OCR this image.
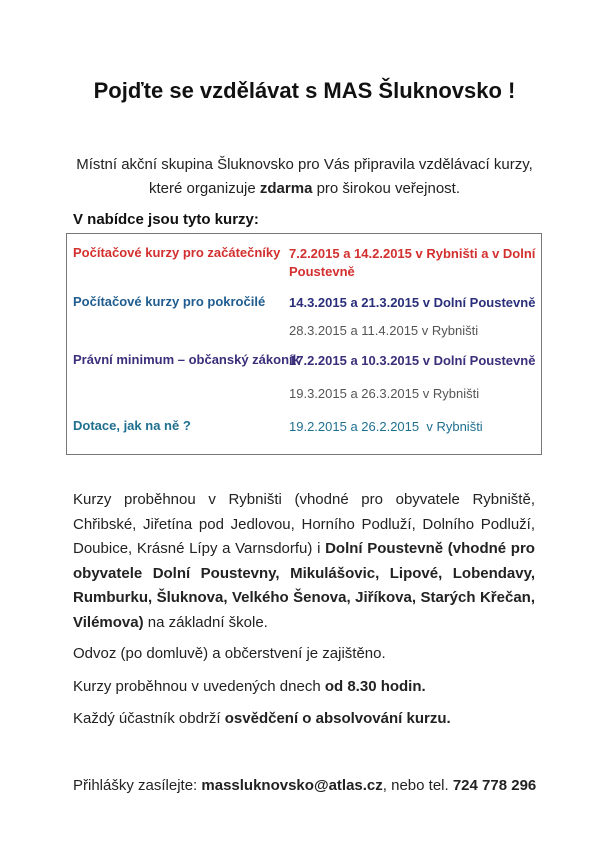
Pojďte se vzdělávat s MAS Šluknovsko !
Místní akční skupina Šluknovsko pro Vás připravila vzdělávací kurzy,
které organizuje zdarma pro širokou veřejnost.
V nabídce jsou tyto kurzy:
Počítačové kurzy pro začátečníky 7.2.2015 a 14.2.2015 v Rybništi a v Dolní
Poustevně
Počítačové kurzy pro pokročilé 14.3.2015 a 21.3.2015 v Dolní Poustevně
28.3.2015 a 11.4.2015 v Rybništi
Právní minimum – občanský zákoník
17.2.2015 a 10.3.2015 v Dolní Poustevně
19.3.2015 a 26.3.2015 v Rybništi
Dotace, jak na ně ?	19.2.2015 a 26.2.2015  v Rybništi
Kurzy proběhnou v Rybništi (vhodné pro obyvatele Rybniště,
Chřibské, Jiřetína pod Jedlovou, Horního Podluží, Dolního Podluží,
Doubice, Krásné Lípy a Varnsdorfu) i Dolní Poustevně (vhodné pro
obyvatele Dolní Poustevny, Mikulášovic, Lipové, Lobendavy,
Rumburku, Šluknova, Velkého Šenova, Jiříkova, Starých Křečan,
Vilémova) na základní škole.
Odvoz (po domluvě) a občerstvení je zajištěno.
Kurzy proběhnou v uvedených dnech od 8.30 hodin.
Každý účastník obdrží osvědčení o absolvování kurzu.
Přihlášky zasílejte: massluknovsko@atlas.cz, nebo tel. 724 778 296
